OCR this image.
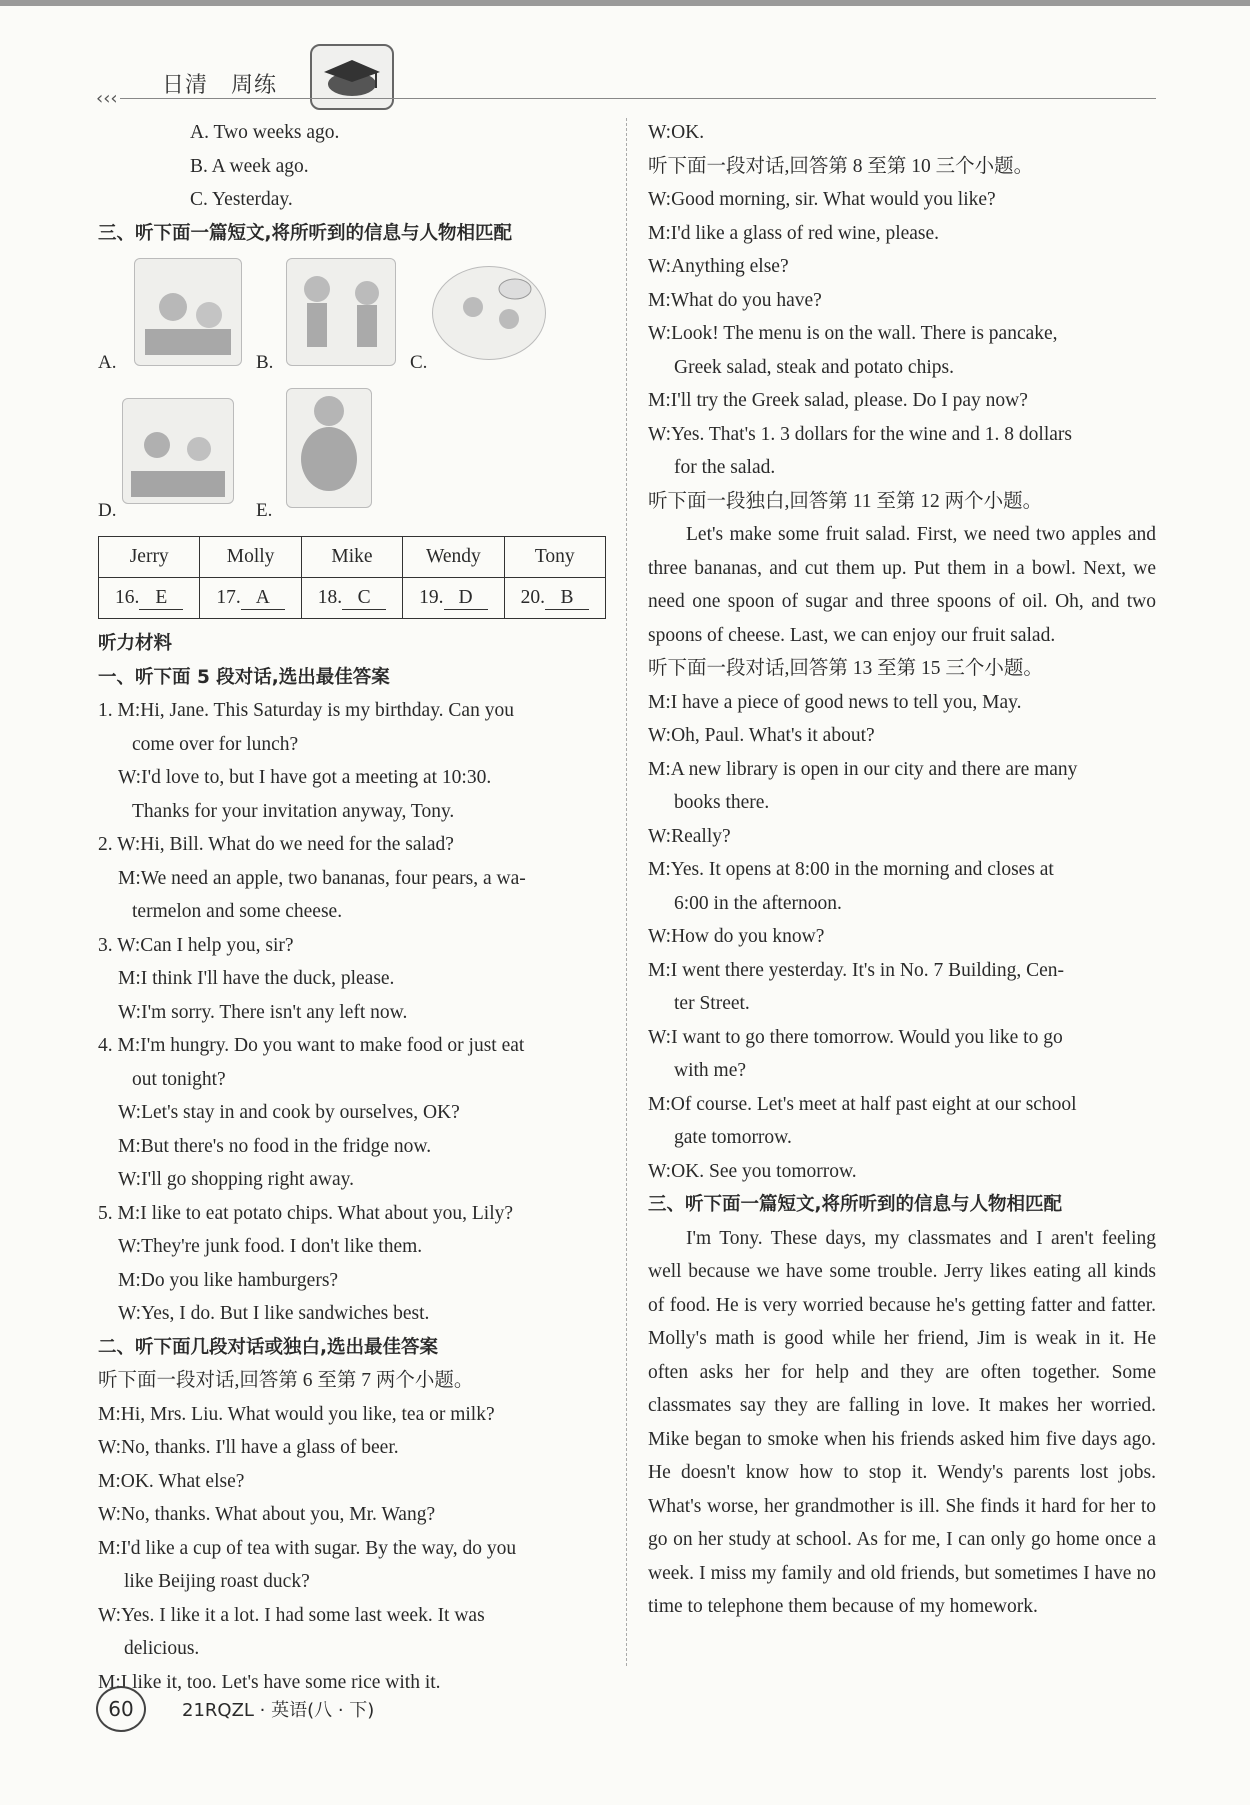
‹‹‹
日清　周练
A. Two weeks ago.
B. A week ago.
C. Yesterday.
三、听下面一篇短文,将所听到的信息与人物相匹配
A.	B.	C.
D.	E.
Jerry	Molly	Mike	Wendy	Tony
16. E	17. A	18. C	19. D	20. B
听力材料
一、听下面 5 段对话,选出最佳答案
1. M:Hi, Jane. This Saturday is my birthday. Can you
come over for lunch?
W:I'd love to, but I have got a meeting at 10:30.
Thanks for your invitation anyway, Tony.
2. W:Hi, Bill. What do we need for the salad?
M:We need an apple, two bananas, four pears, a wa-
termelon and some cheese.
3. W:Can I help you, sir?
M:I think I'll have the duck, please.
W:I'm sorry. There isn't any left now.
4. M:I'm hungry. Do you want to make food or just eat
out tonight?
W:Let's stay in and cook by ourselves, OK?
M:But there's no food in the fridge now.
W:I'll go shopping right away.
5. M:I like to eat potato chips. What about you, Lily?
W:They're junk food. I don't like them.
M:Do you like hamburgers?
W:Yes, I do. But I like sandwiches best.
二、听下面几段对话或独白,选出最佳答案
听下面一段对话,回答第 6 至第 7 两个小题。
M:Hi, Mrs. Liu. What would you like, tea or milk?
W:No, thanks. I'll have a glass of beer.
M:OK. What else?
W:No, thanks. What about you, Mr. Wang?
M:I'd like a cup of tea with sugar. By the way, do you
like Beijing roast duck?
W:Yes. I like it a lot. I had some last week. It was
delicious.
M:I like it, too. Let's have some rice with it.
W:OK.
听下面一段对话,回答第 8 至第 10 三个小题。
W:Good morning, sir. What would you like?
M:I'd like a glass of red wine, please.
W:Anything else?
M:What do you have?
W:Look! The menu is on the wall. There is pancake,
Greek salad, steak and potato chips.
M:I'll try the Greek salad, please. Do I pay now?
W:Yes. That's 1. 3 dollars for the wine and 1. 8 dollars
for the salad.
听下面一段独白,回答第 11 至第 12 两个小题。
Let's make some fruit salad. First, we need two apples and three bananas, and cut them up. Put them in a bowl. Next, we need one spoon of sugar and three spoons of oil. Oh, and two spoons of cheese. Last, we can enjoy our fruit salad.
听下面一段对话,回答第 13 至第 15 三个小题。
M:I have a piece of good news to tell you, May.
W:Oh, Paul. What's it about?
M:A new library is open in our city and there are many
books there.
W:Really?
M:Yes. It opens at 8:00 in the morning and closes at
6:00 in the afternoon.
W:How do you know?
M:I went there yesterday. It's in No. 7 Building, Cen-
ter Street.
W:I want to go there tomorrow. Would you like to go
with me?
M:Of course. Let's meet at half past eight at our school
gate tomorrow.
W:OK. See you tomorrow.
三、听下面一篇短文,将所听到的信息与人物相匹配
I'm Tony. These days, my classmates and I aren't feeling well because we have some trouble. Jerry likes eating all kinds of food. He is very worried because he's getting fatter and fatter. Molly's math is good while her friend, Jim is weak in it. He often asks her for help and they are often together. Some classmates say they are falling in love. It makes her worried. Mike began to smoke when his friends asked him five days ago. He doesn't know how to stop it. Wendy's parents lost jobs. What's worse, her grandmother is ill. She finds it hard for her to go on her study at school. As for me, I can only go home once a week. I miss my family and old friends, but sometimes I have no time to telephone them because of my homework.
60	21RQZL · 英语(八 · 下)
